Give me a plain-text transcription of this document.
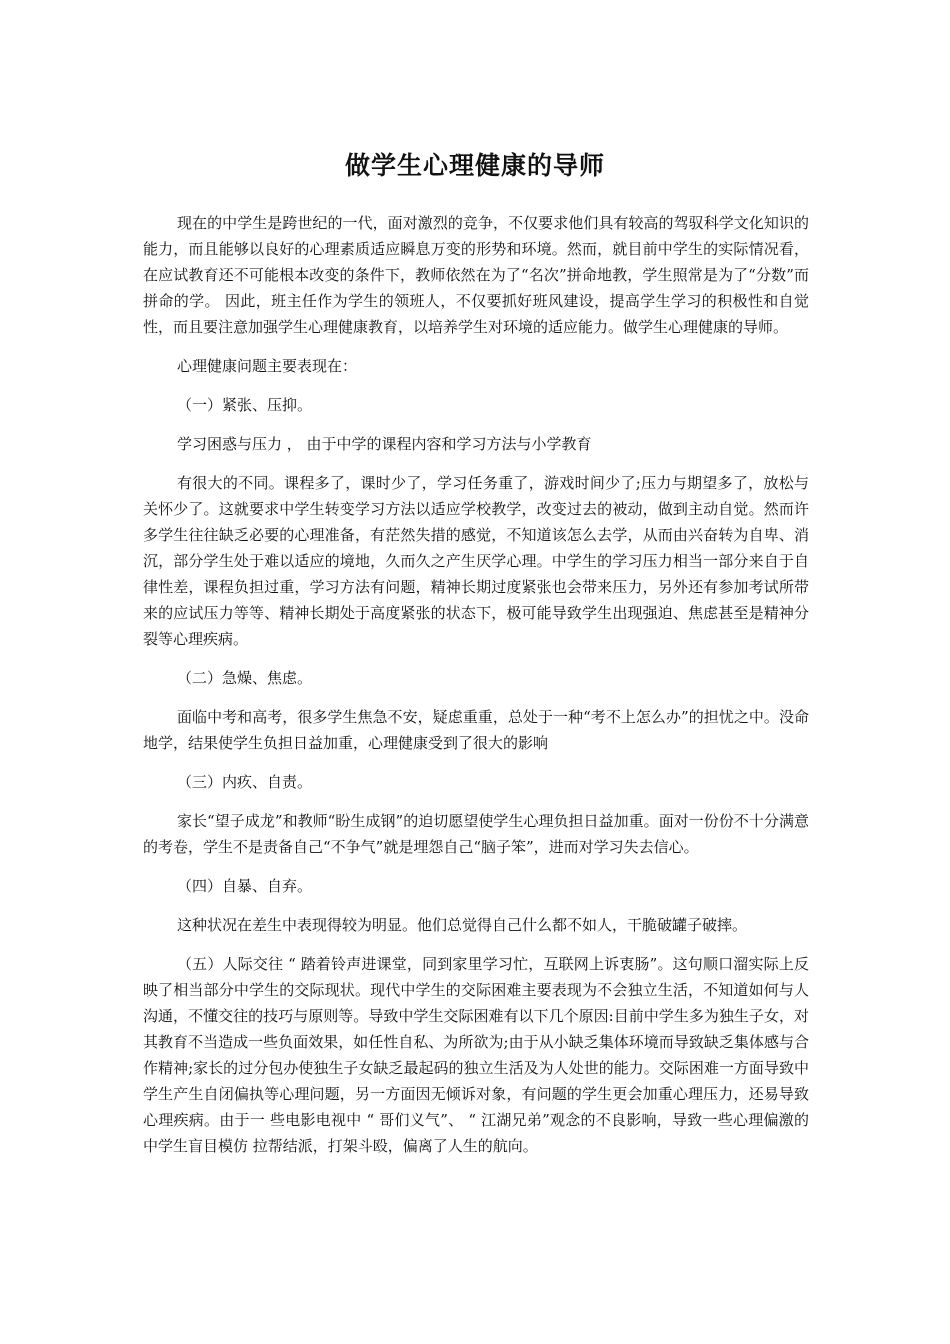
做学生心理健康的导师

现在的中学生是跨世纪的一代，面对激烈的竞争，不仅要求他们具有较高的驾驭科学文化知识的能力，而且能够以良好的心理素质适应瞬息万变的形势和环境。然而，就目前中学生的实际情况看，在应试教育还不可能根本改变的条件下，教师依然在为了“名次”拼命地教，学生照常是为了“分数”而拼命的学。 因此，班主任作为学生的领班人，不仅要抓好班风建设，提高学生学习的积极性和自觉性，而且要注意加强学生心理健康教育，以培养学生对环境的适应能力。做学生心理健康的导师。

心理健康问题主要表现在：

（一）紧张、压抑。

学习困惑与压力 ， 由于中学的课程内容和学习方法与小学教育

有很大的不同。课程多了，课时少了，学习任务重了，游戏时间少了;压力与期望多了，放松与关怀少了。这就要求中学生转变学习方法以适应学校教学，改变过去的被动，做到主动自觉。然而许多学生往往缺乏必要的心理准备，有茫然失措的感觉，不知道该怎么去学，从而由兴奋转为自卑、消沉，部分学生处于难以适应的境地，久而久之产生厌学心理。中学生的学习压力相当一部分来自于自律性差，课程负担过重，学习方法有问题，精神长期过度紧张也会带来压力，另外还有参加考试所带来的应试压力等等、精神长期处于高度紧张的状态下，极可能导致学生出现强迫、焦虑甚至是精神分裂等心理疾病。

（二）急燥、焦虑。

面临中考和高考，很多学生焦急不安，疑虑重重，总处于一种“考不上怎么办”的担忧之中。没命地学，结果使学生负担日益加重，心理健康受到了很大的影响

（三）内疚、自责。

家长“望子成龙”和教师“盼生成钢”的迫切愿望使学生心理负担日益加重。面对一份份不十分满意的考卷，学生不是责备自己“不争气”就是埋怨自己“脑子笨”，进而对学习失去信心。

（四）自暴、自弃。

这种状况在差生中表现得较为明显。他们总觉得自己什么都不如人，干脆破罐子破摔。

（五）人际交往 “ 踏着铃声进课堂，同到家里学习忙，互联网上诉衷肠”。这句顺口溜实际上反映了相当部分中学生的交际现状。现代中学生的交际困难主要表现为不会独立生活，不知道如何与人沟通，不懂交往的技巧与原则等。导致中学生交际困难有以下几个原因:目前中学生多为独生子女，对其教育不当造成一些负面效果，如任性自私、为所欲为;由于从小缺乏集体环境而导致缺乏集体感与合作精神;家长的过分包办使独生子女缺乏最起码的独立生活及为人处世的能力。交际困难一方面导致中学生产生自闭偏执等心理问题，另一方面因无倾诉对象，有问题的学生更会加重心理压力，还易导致心理疾病。由于一 些电影电视中 “ 哥们义气”、 “ 江湖兄弟”观念的不良影响，导致一些心理偏激的中学生盲目模仿 拉帮结派，打架斗殴，偏离了人生的航向。
